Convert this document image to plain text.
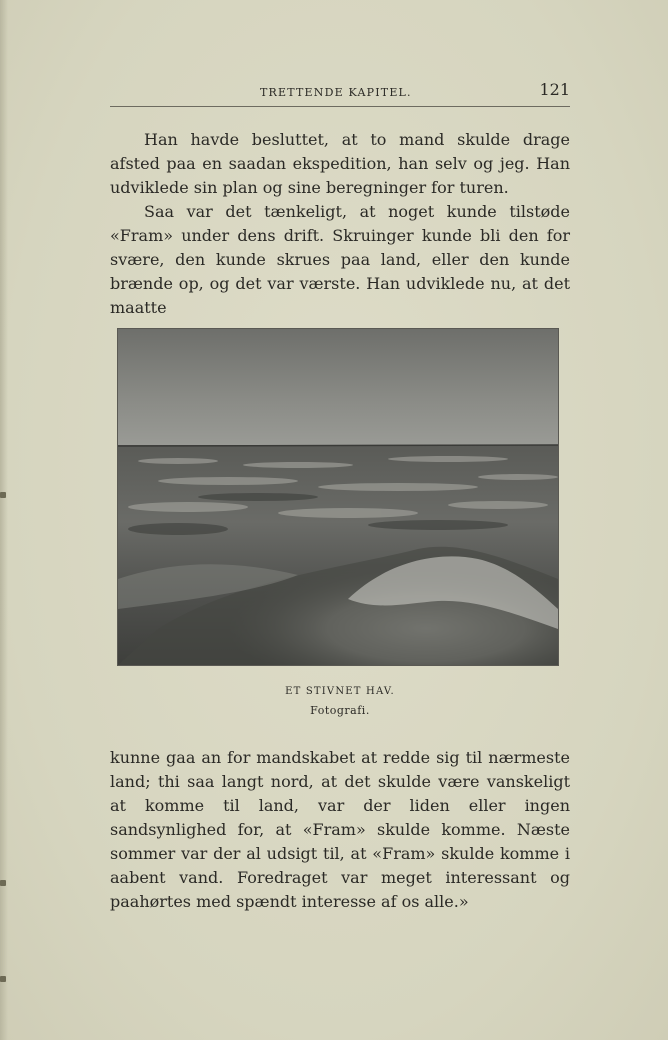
TRETTENDE KAPITEL.	121

Han havde besluttet, at to mand skulde drage afsted paa en saadan ekspedition, han selv og jeg. Han udviklede sin plan og sine beregninger for turen.

Saa var det tænkeligt, at noget kunde tilstøde «Fram» under dens drift. Skruinger kunde bli den for svære, den kunde skrues paa land, eller den kunde brænde op, og det var værste. Han udviklede nu, at det maatte

ET STIVNET HAV.
Fotografi.

kunne gaa an for mandskabet at redde sig til nærmeste land; thi saa langt nord, at det skulde være vanskeligt at komme til land, var der liden eller ingen sandsynlighed for, at «Fram» skulde komme. Næste sommer var der al udsigt til, at «Fram» skulde komme i aabent vand. Foredraget var meget interessant og paahørtes med spændt interesse af os alle.»
